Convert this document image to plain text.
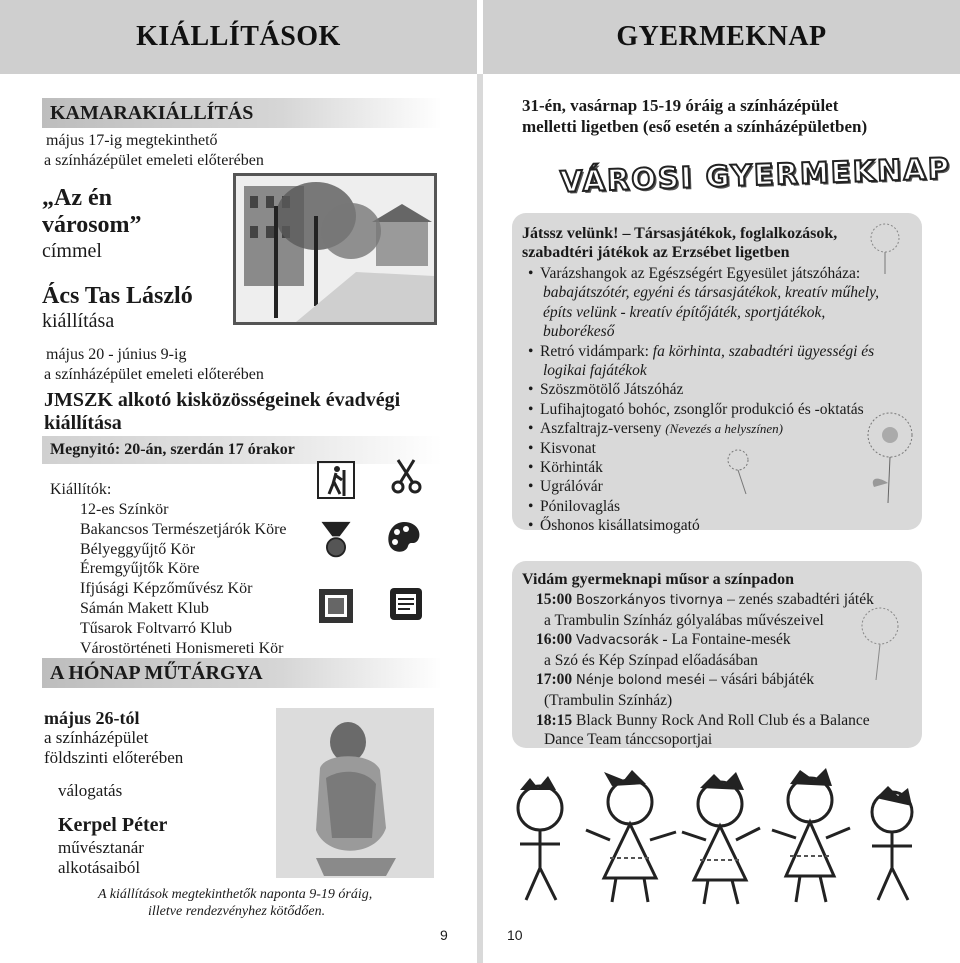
KIÁLLÍTÁSOK	GYERMEKNAP
KAMARAKIÁLLÍTÁS
május 17-ig megtekinthető
a színházépület emeleti előterében
„Az én
városom”
címmel
Ács Tas László
kiállítása
május 20 - június 9-ig
a színházépület emeleti előterében
JMSZK alkotó kisközösségeinek évadvégi
kiállítása
Megnyitó: 20-án, szerdán 17 órakor
Kiállítók:
12-es Színkör
Bakancsos Természetjárók Köre
Bélyeggyűjtő Kör
Éremgyűjtők Köre
Ifjúsági Képzőművész Kör
Sámán Makett Klub
Tűsarok Foltvarró Klub
Várostörténeti Honismereti Kör
A HÓNAP MŰTÁRGYA
május 26-tól
a színházépület
földszinti előterében
válogatás
Kerpel Péter
művésztanár
alkotásaiból
A kiállítások megtekinthetők naponta 9-19 óráig,
illetve rendezvényhez kötődően.
9
31-én, vasárnap 15-19 óráig a színházépület
melletti ligetben (eső esetén a színházépületben)
VÁROSI GYERMEKNAP
Játssz velünk! – Társasjátékok, foglalkozások,
szabadtéri játékok az Erzsébet ligetben
• Varázshangok az Egészségért Egyesület játszóháza:
babajátszótér, egyéni és társasjátékok, kreatív műhely,
építs velünk - kreatív építőjáték, sportjátékok,
buborékeső
• Retró vidámpark: fa körhinta, szabadtéri ügyességi és
logikai fajátékok
• Szöszmötölő Játszóház
• Lufihajtogató bohóc, zsonglőr produkció és -oktatás
• Aszfaltrajz-verseny (Nevezés a helyszínen)
• Kisvonat
• Körhinták
• Ugrálóvár
• Pónilovaglás
• Őshonos kisállatsimogató
Vidám gyermeknapi műsor a színpadon
15:00 Boszorkányos tivornya – zenés szabadtéri játék
a Trambulin Színház gólyalábas művészeivel
16:00 Vadvacsorák - La Fontaine-mesék
a Szó és Kép Színpad előadásában
17:00 Nénje bolond meséi – vásári bábjáték
(Trambulin Színház)
18:15 Black Bunny Rock And Roll Club és a Balance
Dance Team tánccsoportjai
10
